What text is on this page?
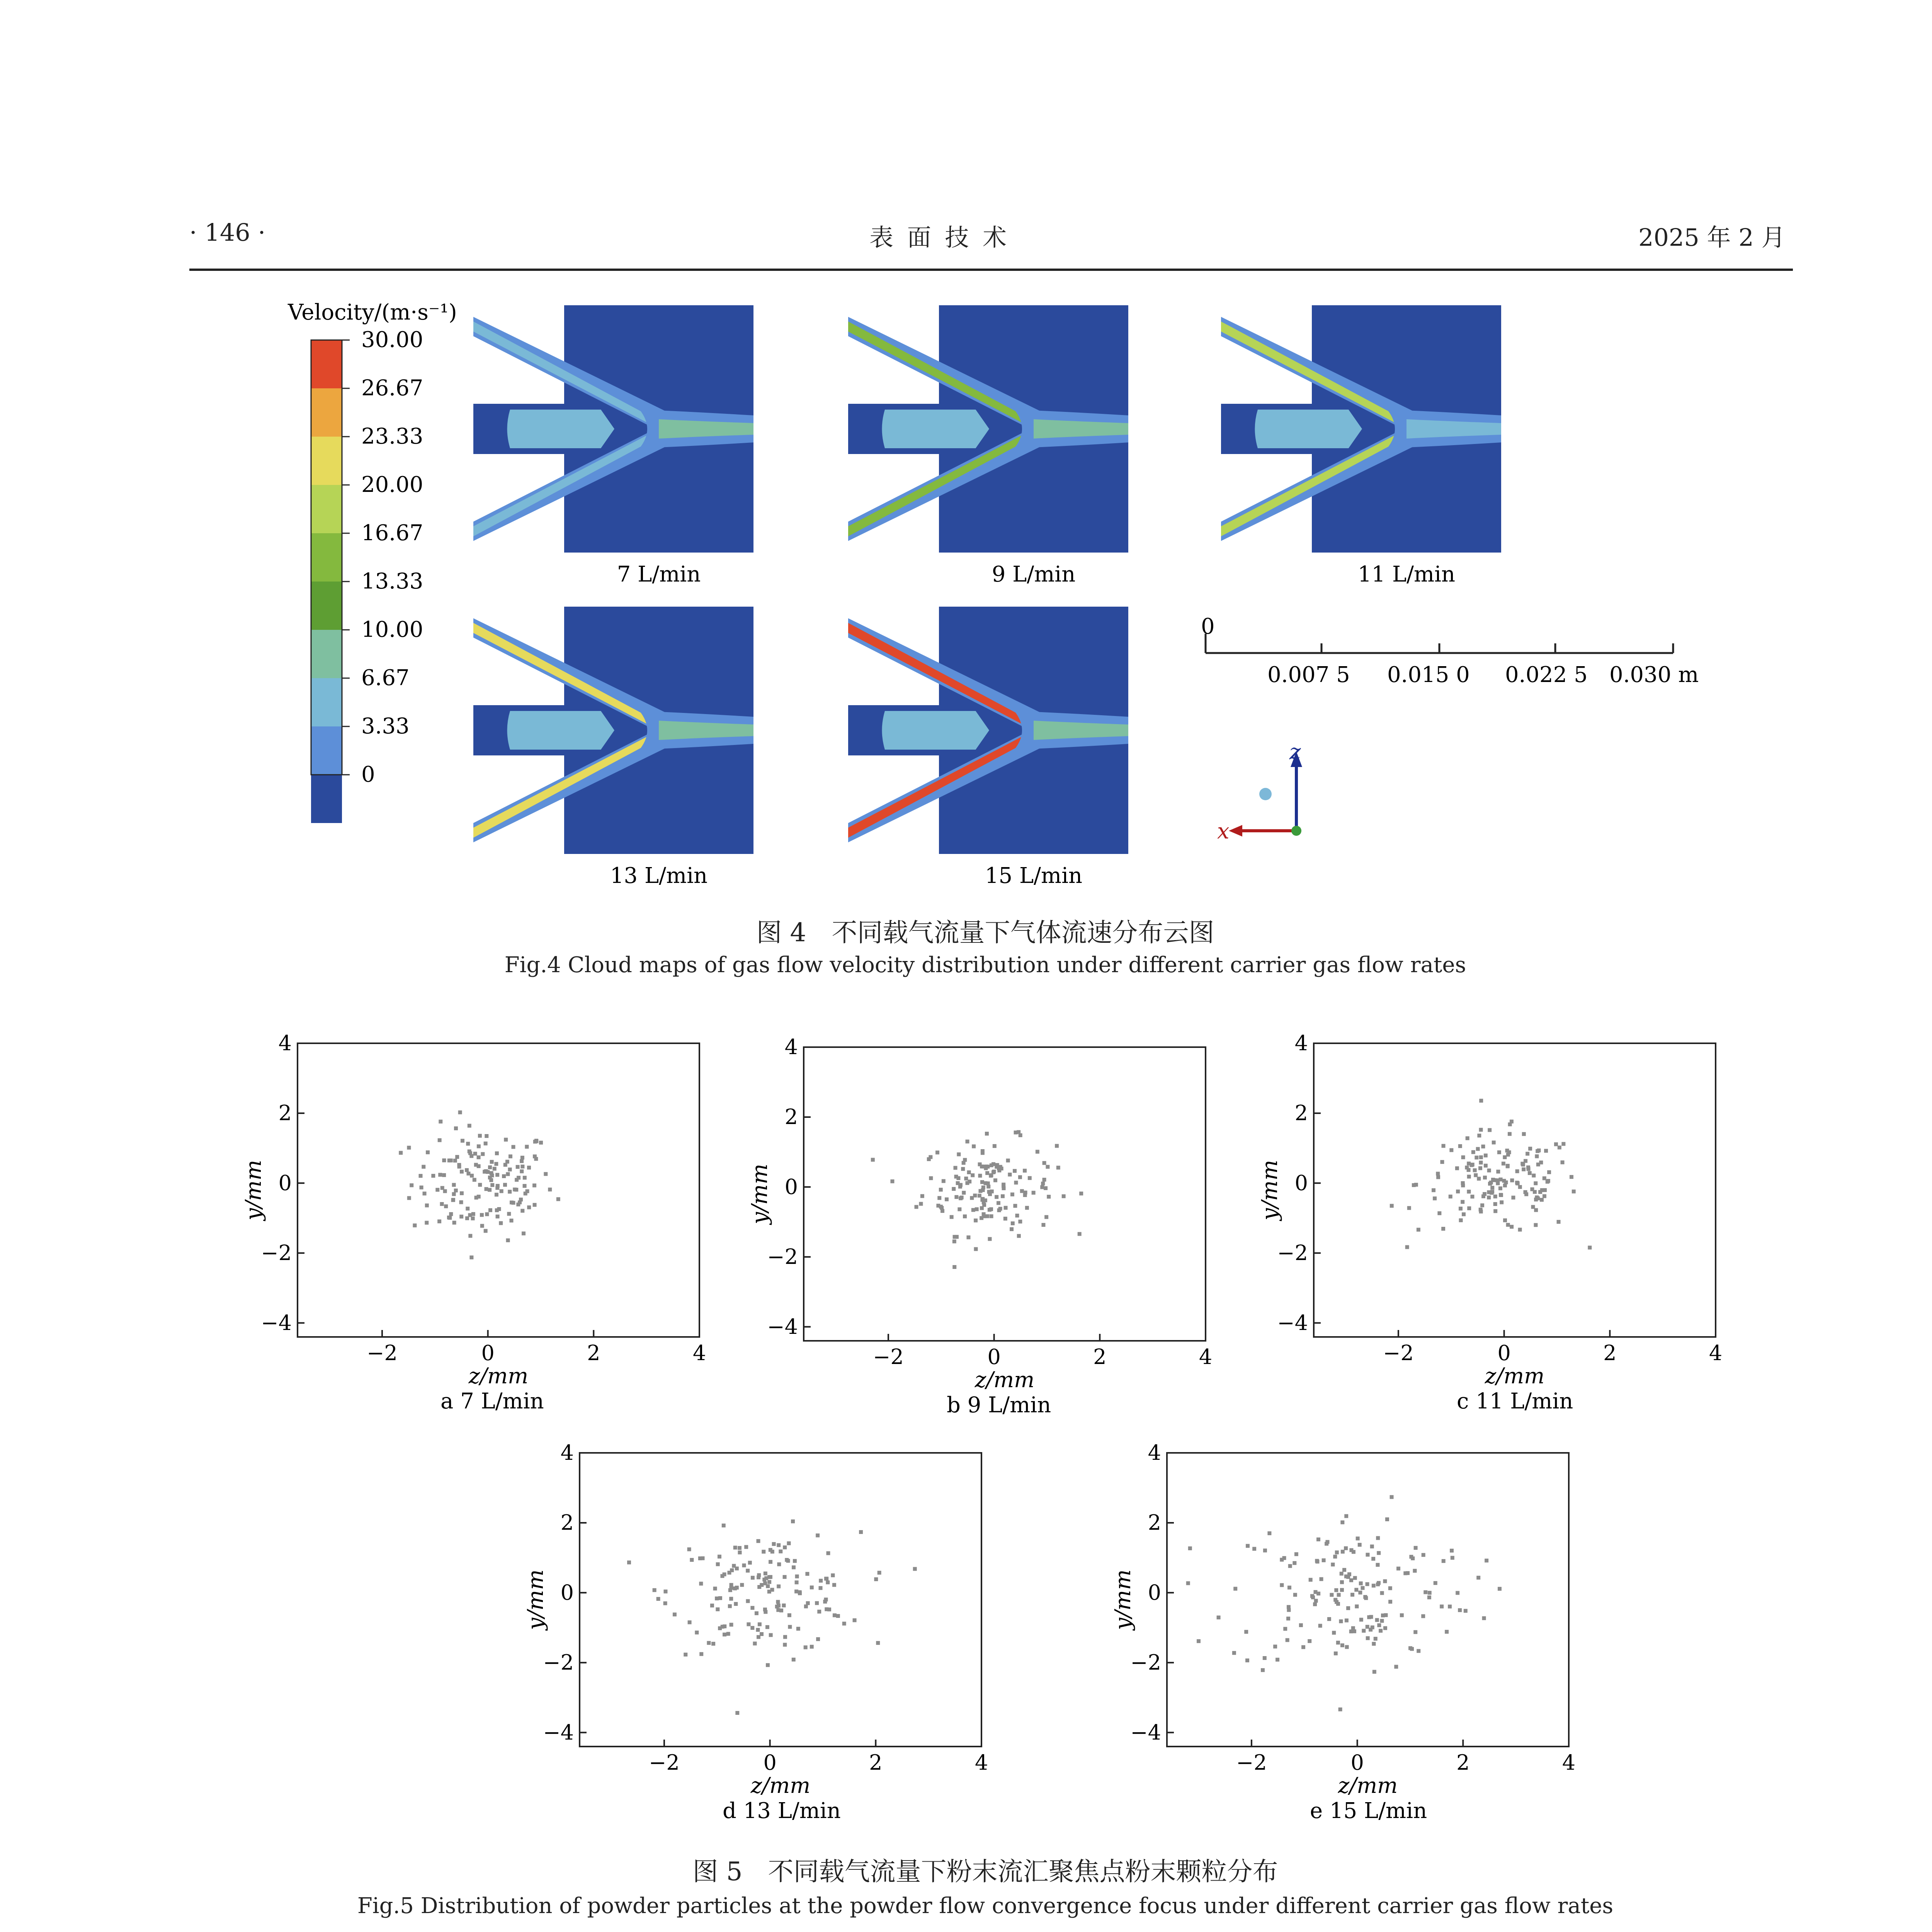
· 146 ·	表 面 技 术	2025 年 2 月
Velocity/(m·s⁻¹)
30.00
26.67
23.33
20.00
16.67
13.33
10.00
6.67
3.33
0
7 L/min	9 L/min	11 L/min
13 L/min	15 L/min
0
0.007 5 0.015 0 0.022 5 0.030 m
z
x
图 4　不同载气流量下气体流速分布云图
Fig.4 Cloud maps of gas flow velocity distribution under different carrier gas flow rates
−2	0	2	4
4
2
0
−2
−4
z/mm
y/mm
a 7 L/min
−2	0	2	4
4
2
0
−2
−4
z/mm
y/mm
b 9 L/min
−2	0	2	4
4
2
0
−2
−4
z/mm
y/mm
c 11 L/min
−2	0	2	4
4
2
0
−2
−4
z/mm
y/mm
d 13 L/min
−2	0	2	4
4
2
0
−2
−4
z/mm
y/mm
e 15 L/min
图 5　不同载气流量下粉末流汇聚焦点粉末颗粒分布
Fig.5 Distribution of powder particles at the powder flow convergence focus under different carrier gas flow rates
